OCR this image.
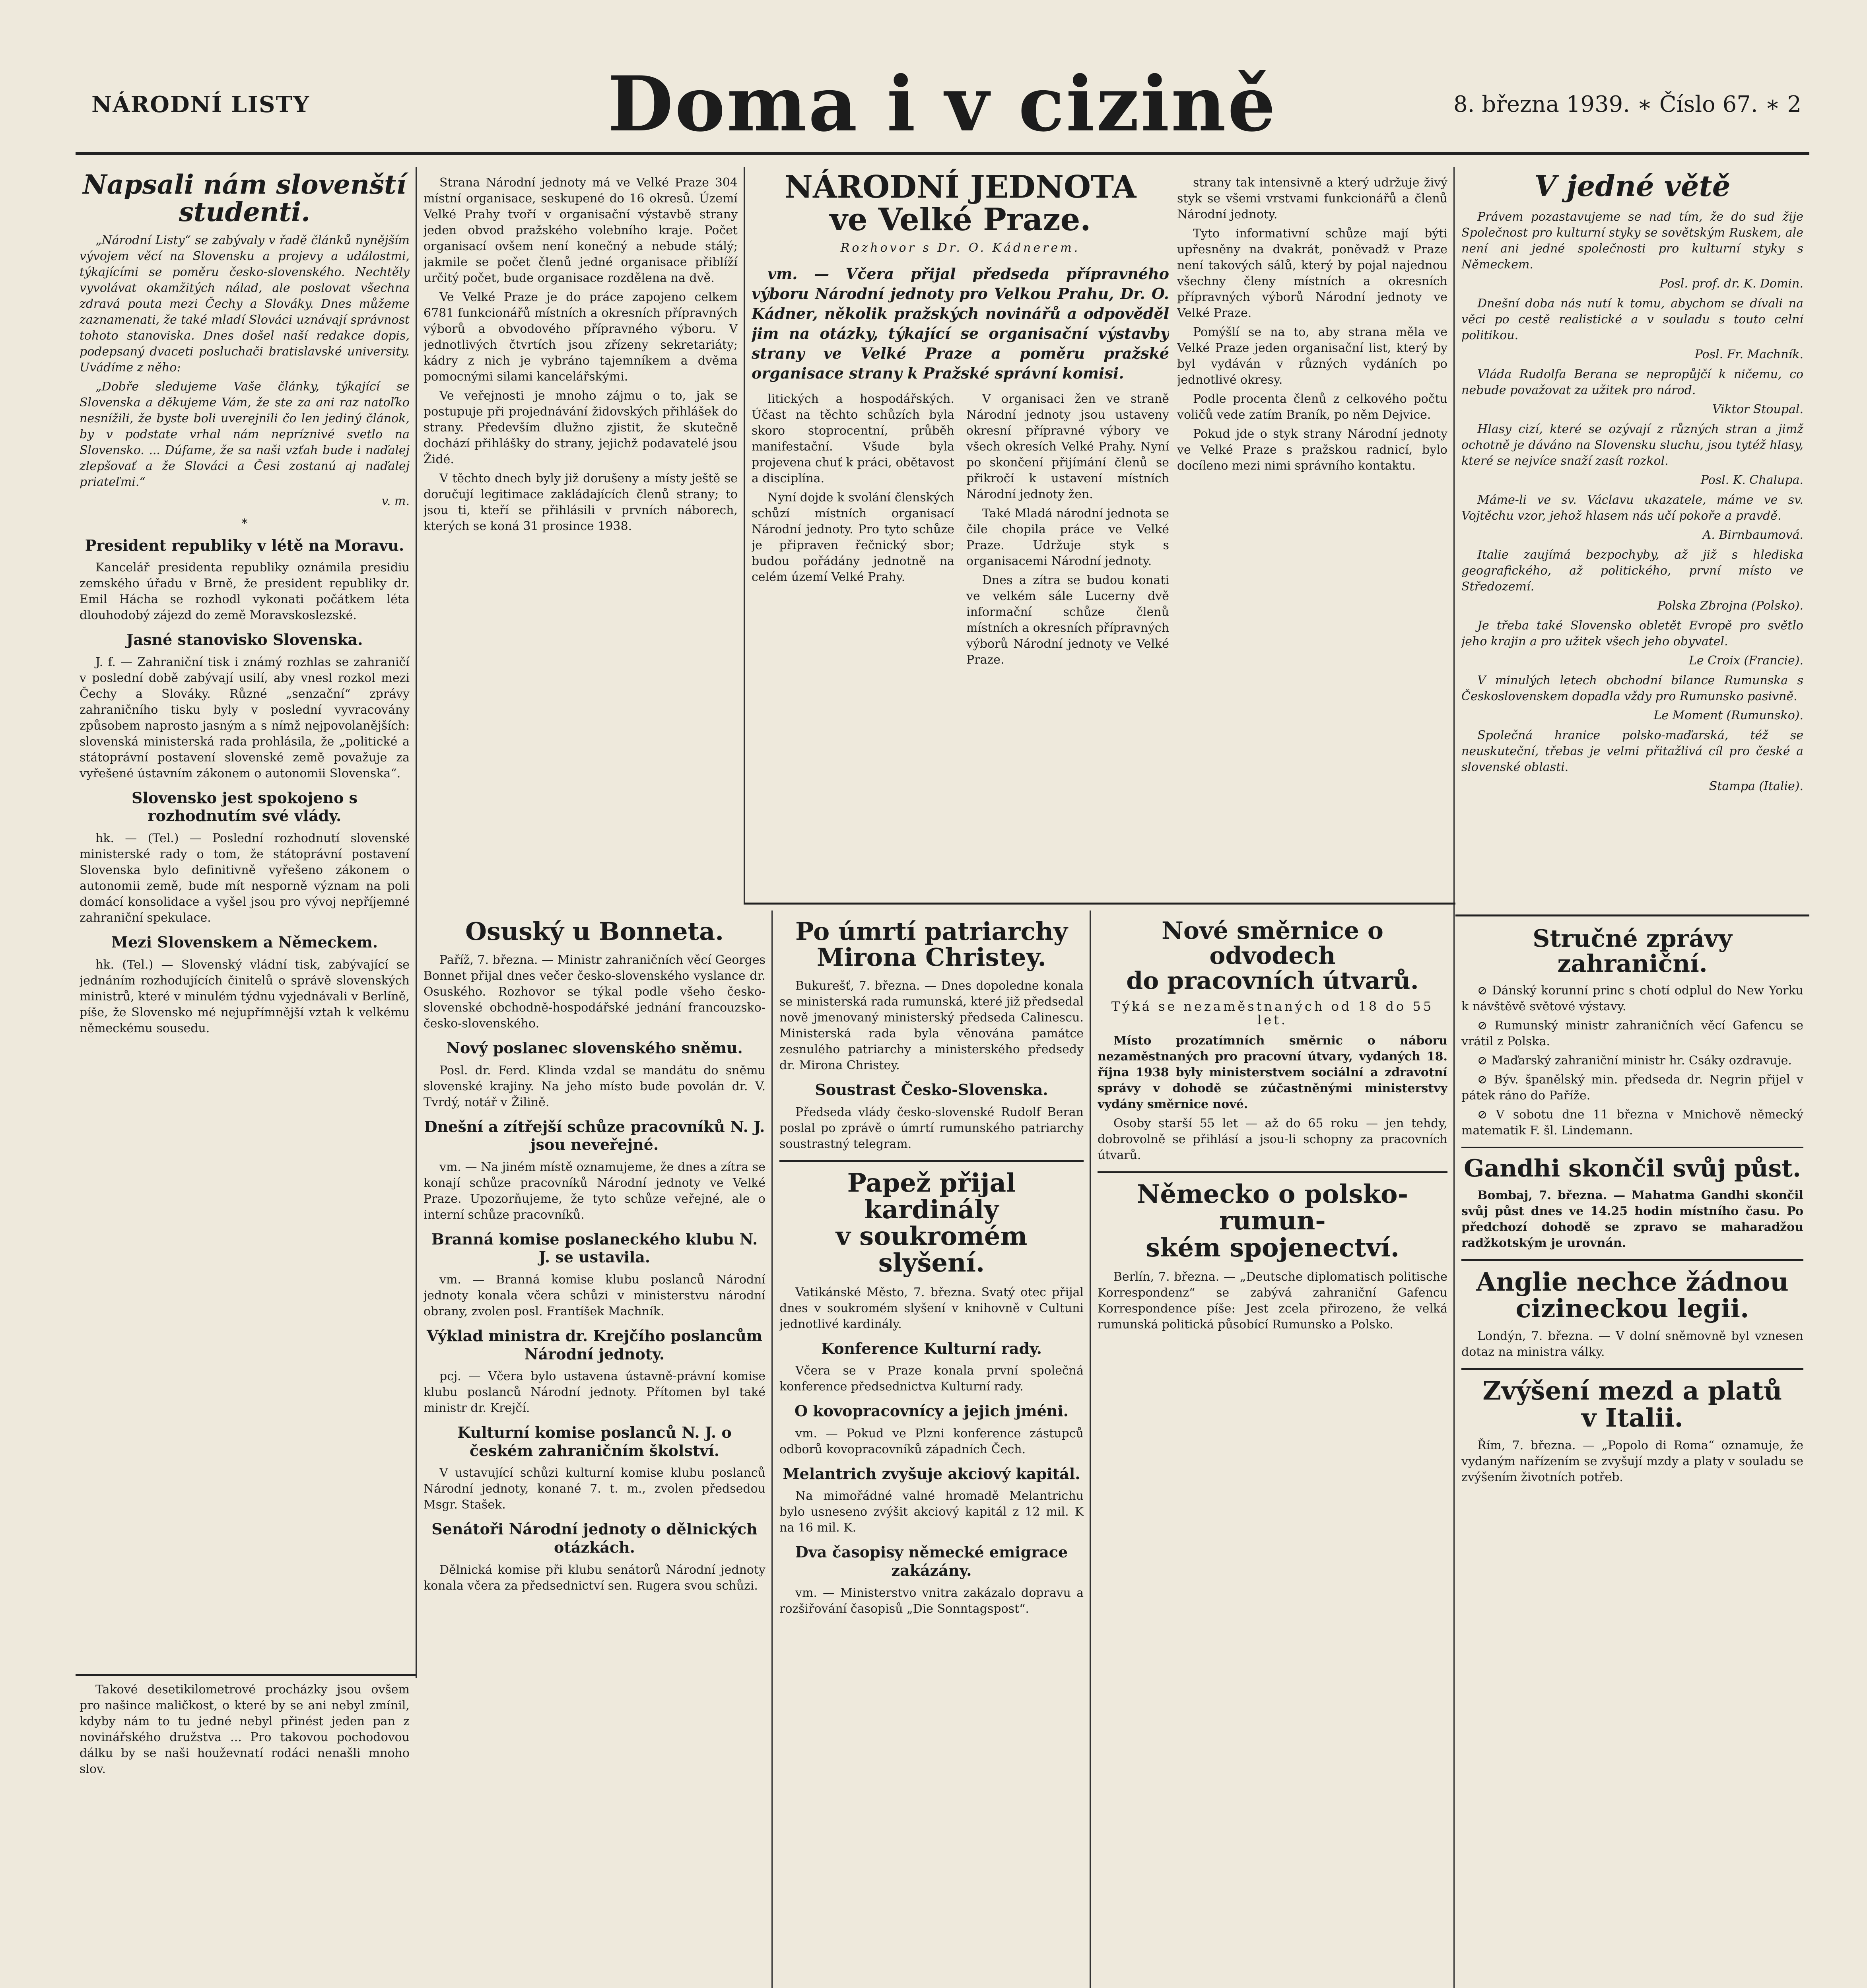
NÁRODNÍ LISTY	Doma i v cizině	8. března 1939. ∗ Číslo 67. ∗ 2
Napsali nám slovenští studenti.

„Národní Listy“ se zabývaly v řadě článků nynějším vývojem věcí na Slovensku a projevy a událostmi, týkajícími se poměru česko-slovenského. Nechtěly vyvolávat okamžitých nálad, ale poslovat všechna zdravá pouta mezi Čechy a Slováky. Dnes můžeme zaznamenati, že také mladí Slováci uznávají správnost tohoto stanoviska. Dnes došel naší redakce dopis, podepsaný dvaceti posluchači bratislavské university. Uvádíme z něho:

„Dobře sledujeme Vaše články, týkající se Slovenska a děkujeme Vám, že ste za ani raz natoľko nesnížili, že byste boli uverejnili čo len jediný článok, by v podstate vrhal nám nepríznivé svetlo na Slovensko. ... Dúfame, že sa naši vzťah bude i naďalej zlepšovať a že Slováci a Česi zostanú aj naďalej priateľmi.“

v. m.
∗
President republiky v létě na Moravu.

Kancelář presidenta republiky oznámila presidiu zemského úřadu v Brně, že president republiky dr. Emil Hácha se rozhodl vykonati počátkem léta dlouhodobý zájezd do země Moravskoslezské.

Jasné stanovisko Slovenska.

J. f. — Zahraniční tisk i známý rozhlas se zahraničí v poslední době zabývají usilí, aby vnesl rozkol mezi Čechy a Slováky. Různé „senzační“ zprávy zahraničního tisku byly v poslední vyvracovány způsobem naprosto jasným a s nímž nejpovolanějších: slovenská ministerská rada prohlásila, že „politické a státoprávní postavení slovenské země považuje za vyřešené ústavním zákonem o autonomii Slovenska“.

Slovensko jest spokojeno s rozhodnutím své vlády.

hk. — (Tel.) — Poslední rozhodnutí slovenské ministerské rady o tom, že státoprávní postavení Slovenska bylo definitivně vyřešeno zákonem o autonomii země, bude mít nesporně význam na poli domácí konsolidace a vyšel jsou pro vývoj nepříjemné zahraniční spekulace.

Mezi Slovenskem a Německem.

hk. (Tel.) — Slovenský vládní tisk, zabývající se jednáním rozhodujících činitelů o správě slovenských ministrů, které v minulém týdnu vyjednávali v Berlíně, píše, že Slovensko mé nejupřímnější vztah k velkému německému sousedu.

Takové desetikilometrové procházky jsou ovšem pro našince maličkost, o které by se ani nebyl zmínil, kdyby nám to tu jedné nebyl přinést jeden pan z novinářského družstva ... Pro takovou pochodovou dálku by se naši houževnatí rodáci nenašli mnoho slov.

Strana Národní jednoty má ve Velké Praze 304 místní organisace, seskupené do 16 okresů. Území Velké Prahy tvoří v organisační výstavbě strany jeden obvod pražského volebního kraje. Počet organisací ovšem není konečný a nebude stálý; jakmile se počet členů jedné organisace přiblíží určitý počet, bude organisace rozdělena na dvě.

Ve Velké Praze je do práce zapojeno celkem 6781 funkcionářů místních a okresních přípravných výborů a obvodového přípravného výboru. V jednotlivých čtvrtích jsou zřízeny sekretariáty; kádry z nich je vybráno tajemníkem a dvěma pomocnými silami kancelářskými.

Ve veřejnosti je mnoho zájmu o to, jak se postupuje při projednávání židovských přihlášek do strany. Především dlužno zjistit, že skutečně dochází přihlášky do strany, jejichž podavatelé jsou Židé.

V těchto dnech byly již dorušeny a místy ještě se doručují legitimace zakládajících členů strany; to jsou ti, kteří se přihlásili v prvních náborech, kterých se koná 31 prosince 1938.

NÁRODNÍ JEDNOTA
ve Velké Praze.
Rozhovor s Dr. O. Kádnerem.

vm. — Včera přijal předseda přípravného výboru Národní jednoty pro Velkou Prahu, Dr. O. Kádner, několik pražských novinářů a odpověděl jim na otázky, týkající se organisační výstavby strany ve Velké Praze a poměru pražské organisace strany k Pražské správní komisi.

litických a hospodářských. Účast na těchto schůzích byla skoro stoprocentní, průběh manifestační. Všude byla projevena chuť k práci, obětavost a disciplína.

Nyní dojde k svolání členských schůzí místních organisací Národní jednoty. Pro tyto schůze je připraven řečnický sbor; budou pořádány jednotně na celém území Velké Prahy.

V organisaci žen ve straně Národní jednoty jsou ustaveny okresní přípravné výbory ve všech okresích Velké Prahy. Nyní po skončení přijímání členů se přikročí k ustavení místních Národní jednoty žen.

Také Mladá národní jednota se čile chopila práce ve Velké Praze. Udržuje styk s organisacemi Národní jednoty.

Dnes a zítra se budou konati ve velkém sále Lucerny dvě informační schůze členů místních a okresních přípravných výborů Národní jednoty ve Velké Praze.

strany tak intensivně a který udržuje živý styk se všemi vrstvami funkcionářů a členů Národní jednoty.

Tyto informativní schůze mají býti upřesněny na dvakrát, poněvadž v Praze není takových sálů, který by pojal najednou všechny členy místních a okresních přípravných výborů Národní jednoty ve Velké Praze.

Pomýšlí se na to, aby strana měla ve Velké Praze jeden organisační list, který by byl vydáván v různých vydáních po jednotlivé okresy.

Podle procenta členů z celkového počtu voličů vede zatím Braník, po něm Dejvice.

Pokud jde o styk strany Národní jednoty ve Velké Praze s pražskou radnicí, bylo docíleno mezi nimi správního kontaktu.

V jedné větě

Právem pozastavujeme se nad tím, že do sud žije Společnost pro kulturní styky se sovětským Ruskem, ale není ani jedné společnosti pro kulturní styky s Německem.

Posl. prof. dr. K. Domin.

Dnešní doba nás nutí k tomu, abychom se dívali na věci po cestě realistické a v souladu s touto celní politikou.

Posl. Fr. Machník.

Vláda Rudolfa Berana se nepropůjčí k ničemu, co nebude považovat za užitek pro národ.

Viktor Stoupal.

Hlasy cizí, které se ozývají z různých stran a jimž ochotně je dáváno na Slovensku sluchu, jsou tytéž hlasy, které se nejvíce snaží zasít rozkol.

Posl. K. Chalupa.

Máme-li ve sv. Václavu ukazatele, máme ve sv. Vojtěchu vzor, jehož hlasem nás učí pokoře a pravdě.

A. Birnbaumová.

Italie zaujímá bezpochyby, až již s hlediska geografického, až politického, první místo ve Středozemí.

Polska Zbrojna (Polsko).

Je třeba také Slovensko obletět Evropě pro světlo jeho krajin a pro užitek všech jeho obyvatel.

Le Croix (Francie).

V minulých letech obchodní bilance Rumunska s Československem dopadla vždy pro Rumunsko pasivně.

Le Moment (Rumunsko).

Společná hranice polsko-maďarská, též se neuskuteční, třebas je velmi přitažlivá cíl pro české a slovenské oblasti.

Stampa (Italie).
Osuský u Bonneta.

Paříž, 7. března. — Ministr zahraničních věcí Georges Bonnet přijal dnes večer česko-slovenského vyslance dr. Osuského. Rozhovor se týkal podle všeho česko-slovenské obchodně-hospodářské jednání francouzsko-česko-slovenského.

Nový poslanec slovenského sněmu.

Posl. dr. Ferd. Klinda vzdal se mandátu do sněmu slovenské krajiny. Na jeho místo bude povolán dr. V. Tvrdý, notář v Žilině.

Dnešní a zítřejší schůze pracovníků N. J. jsou neveřejné.

vm. — Na jiném místě oznamujeme, že dnes a zítra se konají schůze pracovníků Národní jednoty ve Velké Praze. Upozorňujeme, že tyto schůze veřejné, ale o interní schůze pracovníků.

Branná komise poslaneckého klubu N. J. se ustavila.

vm. — Branná komise klubu poslanců Národní jednoty konala včera schůzi v ministerstvu národní obrany, zvolen posl. Frantíšek Machník.

Výklad ministra dr. Krejčího poslancům Národní jednoty.

pcj. — Včera bylo ustavena ústavně-právní komise klubu poslanců Národní jednoty. Přítomen byl také ministr dr. Krejčí.

Kulturní komise poslanců N. J. o českém zahraničním školství.

V ustavující schůzi kulturní komise klubu poslanců Národní jednoty, konané 7. t. m., zvolen předsedou Msgr. Stašek.

Senátoři Národní jednoty o dělnických otázkách.

Dělnická komise při klubu senátorů Národní jednoty konala včera za předsednictví sen. Rugera svou schůzi.

Po úmrtí patriarchy
Mirona Christey.

Bukurešť, 7. března. — Dnes dopoledne konala se ministerská rada rumunská, které již předsedal nově jmenovaný ministerský předseda Calinescu. Ministerská rada byla věnována památce zesnulého patriarchy a ministerského předsedy dr. Mirona Christey.

Soustrast Česko-Slovenska.

Předseda vlády česko-slovenské Rudolf Beran poslal po zprávě o úmrtí rumunského patriarchy soustrastný telegram.

Papež přijal kardinály
v soukromém slyšení.

Vatikánské Město, 7. března. Svatý otec přijal dnes v soukromém slyšení v knihovně v Cultuni jednotlivé kardinály.

Konference Kulturní rady.

Včera se v Praze konala první společná konference předsednictva Kulturní rady.

O kovopracovnícy a jejich jméni.

vm. — Pokud ve Plzni konference zástupců odborů kovopracovníků západních Čech.

Melantrich zvyšuje akciový kapitál.

Na mimořádné valné hromadě Melantrichu bylo usneseno zvýšit akciový kapitál z 12 mil. K na 16 mil. K.

Dva časopisy německé emigrace zakázány.

vm. — Ministerstvo vnitra zakázalo dopravu a rozšiřování časopisů „Die Sonntagspost“.

Nové směrnice o odvodech
do pracovních útvarů.
Týká se nezaměstnaných od 18 do 55 let.

Místo prozatímních směrnic o náboru nezaměstnaných pro pracovní útvary, vydaných 18. října 1938 byly ministerstvem sociální a zdravotní správy v dohodě se zúčastněnými ministerstvy vydány směrnice nové.

Osoby starší 55 let — až do 65 roku — jen tehdy, dobrovolně se přihlásí a jsou-li schopny za pracovních útvarů.

Německo o polsko-rumun-
ském spojenectví.

Berlín, 7. března. — „Deutsche diplomatisch politische Korrespondenz“ se zabývá zahraniční Gafencu Korrespondence píše: Jest zcela přirozeno, že velká rumunská politická působící Rumunsko a Polsko.

Stručné zprávy zahraniční.

⊘ Dánský korunní princ s chotí odplul do New Yorku k návštěvě světové výstavy.

⊘ Rumunský ministr zahraničních věcí Gafencu se vrátil z Polska.

⊘ Maďarský zahraniční ministr hr. Csáky ozdravuje.

⊘ Býv. španělský min. předseda dr. Negrin přijel v pátek ráno do Paříže.

⊘ V sobotu dne 11 března v Mnichově německý matematik F. šl. Lindemann.

Gandhi skončil svůj půst.

Bombaj, 7. března. — Mahatma Gandhi skončil svůj půst dnes ve 14.25 hodin místního času. Po předchozí dohodě se zpravo se maharadžou radžkotským je urovnán.

Anglie nechce žádnou
cizineckou legii.

Londýn, 7. března. — V dolní sněmovně byl vznesen dotaz na ministra války.

Zvýšení mezd a platů
v Italii.

Řím, 7. března. — „Popolo di Roma“ oznamuje, že vydaným nařízením se zvyšují mzdy a platy v souladu se zvýšením životních potřeb.
